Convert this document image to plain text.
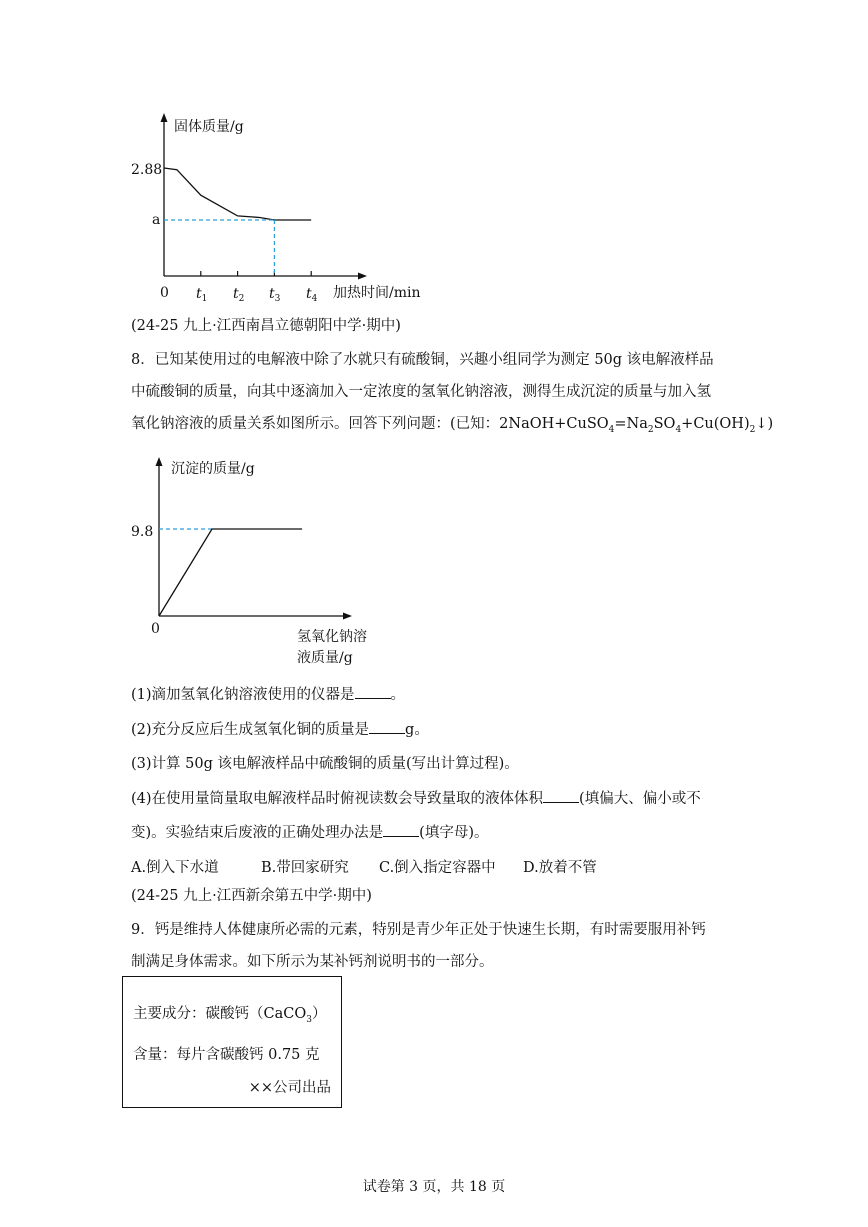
固体质量/g
2.88
a
0 $t_1$ $t_2$ $t_3$ $t_4$ 加热时间/min
(24-25 九上·江西南昌立德朝阳中学·期中)
8．已知某使用过的电解液中除了水就只有硫酸铜，兴趣小组同学为测定 50g 该电解液样品
中硫酸铜的质量，向其中逐滴加入一定浓度的氢氧化钠溶液，测得生成沉淀的质量与加入氢
氧化钠溶液的质量关系如图所示。回答下列问题：(已知：$2NaOH+CuSO_4=Na_2SO_4+Cu(OH)_2↓$)
沉淀的质量/g
9.8
0	氢氧化钠溶
液质量/g
(1)滴加氢氧化钠溶液使用的仪器是 。
(2)充分反应后生成氢氧化铜的质量是 g。
(3)计算 50g 该电解液样品中硫酸铜的质量(写出计算过程)。
(4)在使用量筒量取电解液样品时俯视读数会导致量取的液体体积 (填偏大、偏小或不
变)。实验结束后废液的正确处理办法是 (填字母)。
A.倒入下水道	B.带回家研究 C.倒入指定容器中 D.放着不管
(24-25 九上·江西新余第五中学·期中)
9．钙是维持人体健康所必需的元素，特别是青少年正处于快速生长期，有时需要服用补钙
制满足身体需求。如下所示为某补钙剂说明书的一部分。
主要成分：碳酸钙（CaCO$_3$）
含量：每片含碳酸钙 0.75 克
××公司出品
试卷第 3 页，共 18 页
